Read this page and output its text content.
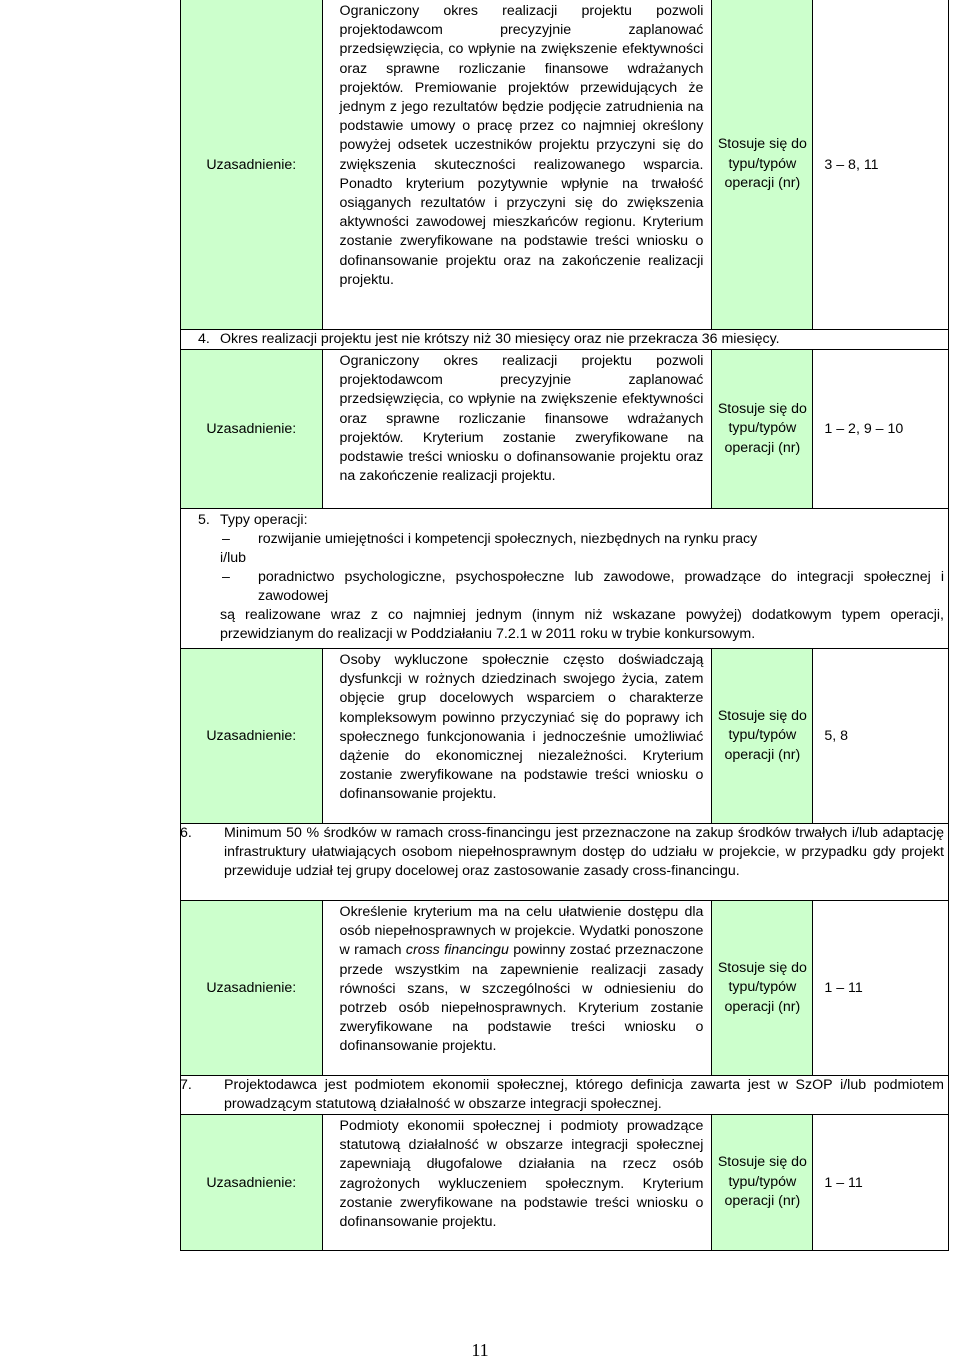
Uzasadnienie:
Ograniczony okres realizacji projektu pozwoli projektodawcom precyzyjnie zaplanować przedsięwzięcia, co wpłynie na zwiększenie efektywności oraz sprawne rozliczanie finansowe wdrażanych projektów. Premiowanie projektów przewidujących że jednym z jego rezultatów będzie podjęcie zatrudnienia na podstawie umowy o pracę przez co najmniej określony powyżej odsetek uczestników projektu przyczyni się do zwiększenia skuteczności realizowanego wsparcia. Ponadto kryterium pozytywnie wpłynie na trwałość osiąganych rezultatów i przyczyni się do zwiększenia aktywności zawodowej mieszkańców regionu. Kryterium zostanie zweryfikowane na podstawie treści wniosku o dofinansowanie projektu oraz na zakończenie realizacji projektu.
Stosuje się do typu/typów operacji (nr)
3 – 8, 11
4. Okres realizacji projektu jest nie krótszy niż 30 miesięcy oraz nie przekracza 36 miesięcy.
Uzasadnienie:
Ograniczony okres realizacji projektu pozwoli projektodawcom precyzyjnie zaplanować przedsięwzięcia, co wpłynie na zwiększenie efektywności oraz sprawne rozliczanie finansowe wdrażanych projektów. Kryterium zostanie zweryfikowane na podstawie treści wniosku o dofinansowanie projektu oraz na zakończenie realizacji projektu.
Stosuje się do typu/typów operacji (nr)
1 – 2, 9 – 10
5. Typy operacji:
– rozwijanie umiejętności i kompetencji społecznych, niezbędnych na rynku pracy
i/lub
– poradnictwo psychologiczne, psychospołeczne lub zawodowe, prowadzące do integracji społecznej i zawodowej
są realizowane wraz z co najmniej jednym (innym niż wskazane powyżej) dodatkowym typem operacji, przewidzianym do realizacji w Poddziałaniu 7.2.1 w 2011 roku w trybie konkursowym.
Uzasadnienie:
Osoby wykluczone społecznie często doświadczają dysfunkcji w rożnych dziedzinach swojego życia, zatem objęcie grup docelowych wsparciem o charakterze kompleksowym powinno przyczyniać się do poprawy ich społecznego funkcjonowania i jednocześnie umożliwiać dążenie do ekonomicznej niezależności. Kryterium zostanie zweryfikowane na podstawie treści wniosku o dofinansowanie projektu.
Stosuje się do typu/typów operacji (nr)
5, 8
6. Minimum 50 % środków w ramach cross-financingu jest przeznaczone na zakup środków trwałych i/lub adaptację infrastruktury ułatwiających osobom niepełnosprawnym dostęp do udziału w projekcie, w przypadku gdy projekt przewiduje udział tej grupy docelowej oraz zastosowanie zasady cross-financingu.
Uzasadnienie:
Określenie kryterium ma na celu ułatwienie dostępu dla osób niepełnosprawnych w projekcie. Wydatki ponoszone w ramach cross financingu powinny zostać przeznaczone przede wszystkim na zapewnienie realizacji zasady równości szans, w szczególności w odniesieniu do potrzeb osób niepełnosprawnych. Kryterium zostanie zweryfikowane na podstawie treści wniosku o dofinansowanie projektu.
Stosuje się do typu/typów operacji (nr)
1 – 11
7. Projektodawca jest podmiotem ekonomii społecznej, którego definicja zawarta jest w SzOP i/lub podmiotem prowadzącym statutową działalność w obszarze integracji społecznej.
Uzasadnienie:
Podmioty ekonomii społecznej i podmioty prowadzące statutową działalność w obszarze integracji społecznej zapewniają długofalowe działania na rzecz osób zagrożonych wykluczeniem społecznym. Kryterium zostanie zweryfikowane na podstawie treści wniosku o dofinansowanie projektu.
Stosuje się do typu/typów operacji (nr)
1 – 11
11
